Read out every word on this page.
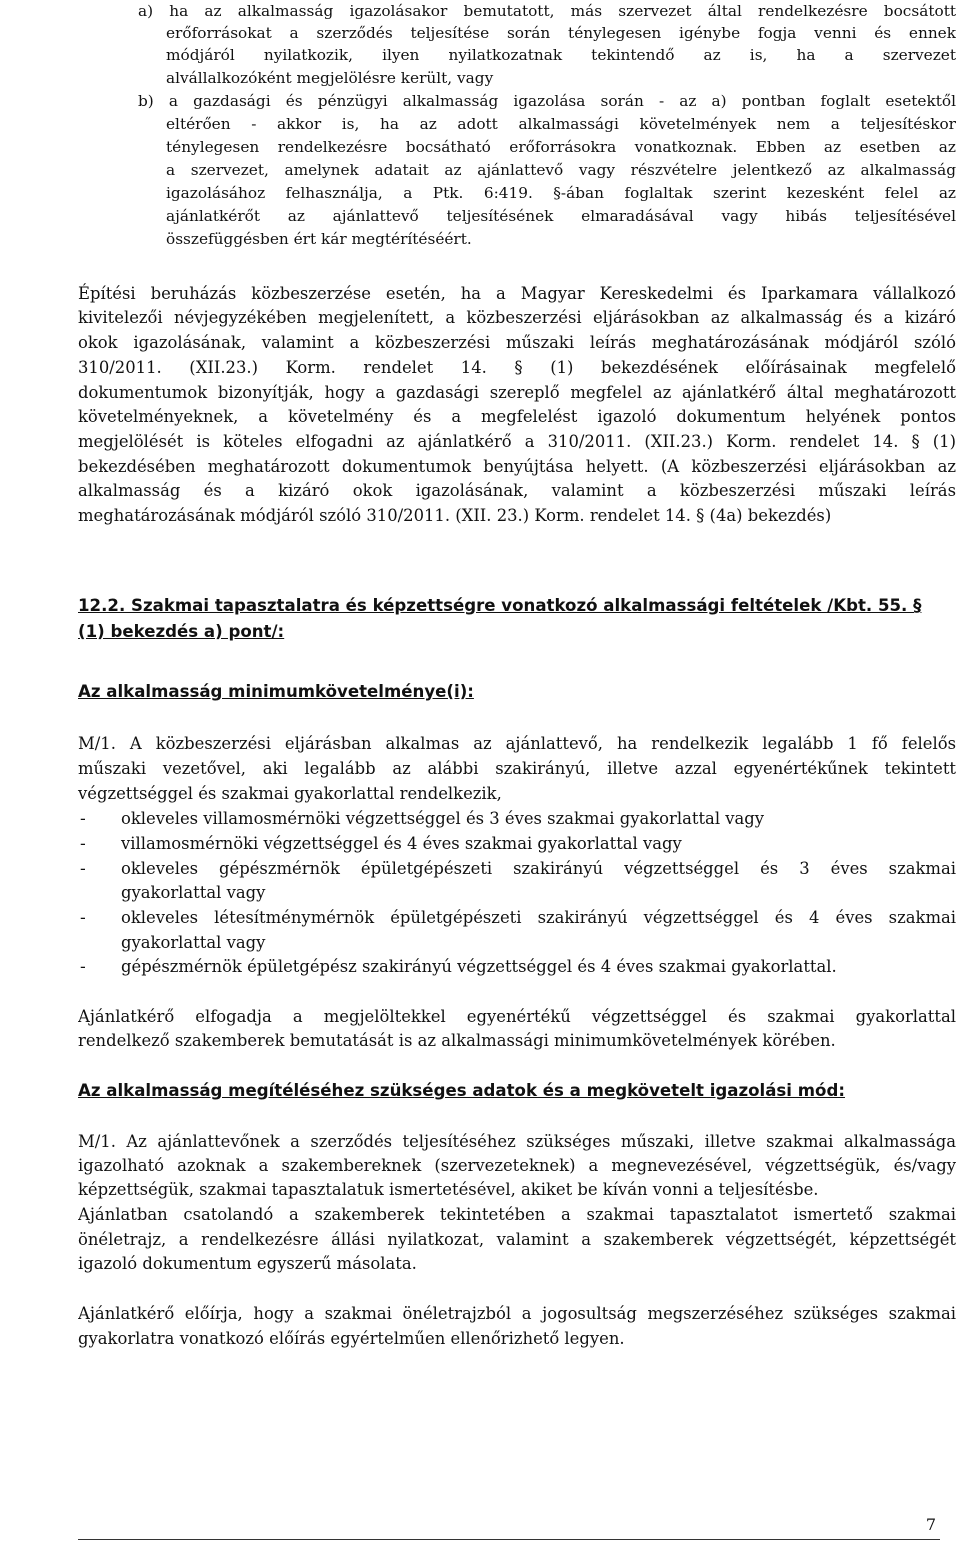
a) ha az alkalmasság igazolásakor bemutatott, más szervezet által rendelkezésre bocsátott

erőforrásokat a szerződés teljesítése során ténylegesen igénybe fogja venni és ennek

módjáról nyilatkozik, ilyen nyilatkozatnak tekintendő az is, ha a szervezet

alvállalkozóként megjelölésre került, vagy

b) a gazdasági és pénzügyi alkalmasság igazolása során - az a) pontban foglalt esetektől

eltérően - akkor is, ha az adott alkalmassági követelmények nem a teljesítéskor

ténylegesen rendelkezésre bocsátható erőforrásokra vonatkoznak. Ebben az esetben az

a szervezet, amelynek adatait az ajánlattevő vagy részvételre jelentkező az alkalmasság

igazolásához felhasználja, a Ptk. 6:419. §-ában foglaltak szerint kezesként felel az

ajánlatkérőt az ajánlattevő teljesítésének elmaradásával vagy hibás teljesítésével

összefüggésben ért kár megtérítéséért.

Építési beruházás közbeszerzése esetén, ha a Magyar Kereskedelmi és Iparkamara vállalkozó

kivitelezői névjegyzékében megjelenített, a közbeszerzési eljárásokban az alkalmasság és a kizáró

okok igazolásának, valamint a közbeszerzési műszaki leírás meghatározásának módjáról szóló

310/2011. (XII.23.) Korm. rendelet 14. § (1) bekezdésének előírásainak megfelelő

dokumentumok bizonyítják, hogy a gazdasági szereplő megfelel az ajánlatkérő által meghatározott

követelményeknek, a követelmény és a megfelelést igazoló dokumentum helyének pontos

megjelölését is köteles elfogadni az ajánlatkérő a 310/2011. (XII.23.) Korm. rendelet 14. § (1)

bekezdésében meghatározott dokumentumok benyújtása helyett. (A közbeszerzési eljárásokban az

alkalmasság és a kizáró okok igazolásának, valamint a közbeszerzési műszaki leírás

meghatározásának módjáról szóló 310/2011. (XII. 23.) Korm. rendelet 14. § (4a) bekezdés)

12.2. Szakmai tapasztalatra és képzettségre vonatkozó alkalmassági feltételek /Kbt. 55. §

(1) bekezdés a) pont/:

Az alkalmasság minimumkövetelménye(i):

M/1. A közbeszerzési eljárásban alkalmas az ajánlattevő, ha rendelkezik legalább 1 fő felelős

műszaki vezetővel, aki legalább az alábbi szakirányú, illetve azzal egyenértékűnek tekintett

végzettséggel és szakmai gyakorlattal rendelkezik,

- okleveles villamosmérnöki végzettséggel és 3 éves szakmai gyakorlattal vagy

- villamosmérnöki végzettséggel és 4 éves szakmai gyakorlattal vagy

- okleveles gépészmérnök épületgépészeti szakirányú végzettséggel és 3 éves szakmai

gyakorlattal vagy

- okleveles létesítménymérnök épületgépészeti szakirányú végzettséggel és 4 éves szakmai

gyakorlattal vagy

- gépészmérnök épületgépész szakirányú végzettséggel és 4 éves szakmai gyakorlattal.

Ajánlatkérő elfogadja a megjelöltekkel egyenértékű végzettséggel és szakmai gyakorlattal

rendelkező szakemberek bemutatását is az alkalmassági minimumkövetelmények körében.

Az alkalmasság megítéléséhez szükséges adatok és a megkövetelt igazolási mód:

M/1. Az ajánlattevőnek a szerződés teljesítéséhez szükséges műszaki, illetve szakmai alkalmassága

igazolható azoknak a szakembereknek (szervezeteknek) a megnevezésével, végzettségük, és/vagy

képzettségük, szakmai tapasztalatuk ismertetésével, akiket be kíván vonni a teljesítésbe.

Ajánlatban csatolandó a szakemberek tekintetében a szakmai tapasztalatot ismertető szakmai

önéletrajz, a rendelkezésre állási nyilatkozat, valamint a szakemberek végzettségét, képzettségét

igazoló dokumentum egyszerű másolata.

Ajánlatkérő előírja, hogy a szakmai önéletrajzból a jogosultság megszerzéséhez szükséges szakmai

gyakorlatra vonatkozó előírás egyértelműen ellenőrizhető legyen.

7
